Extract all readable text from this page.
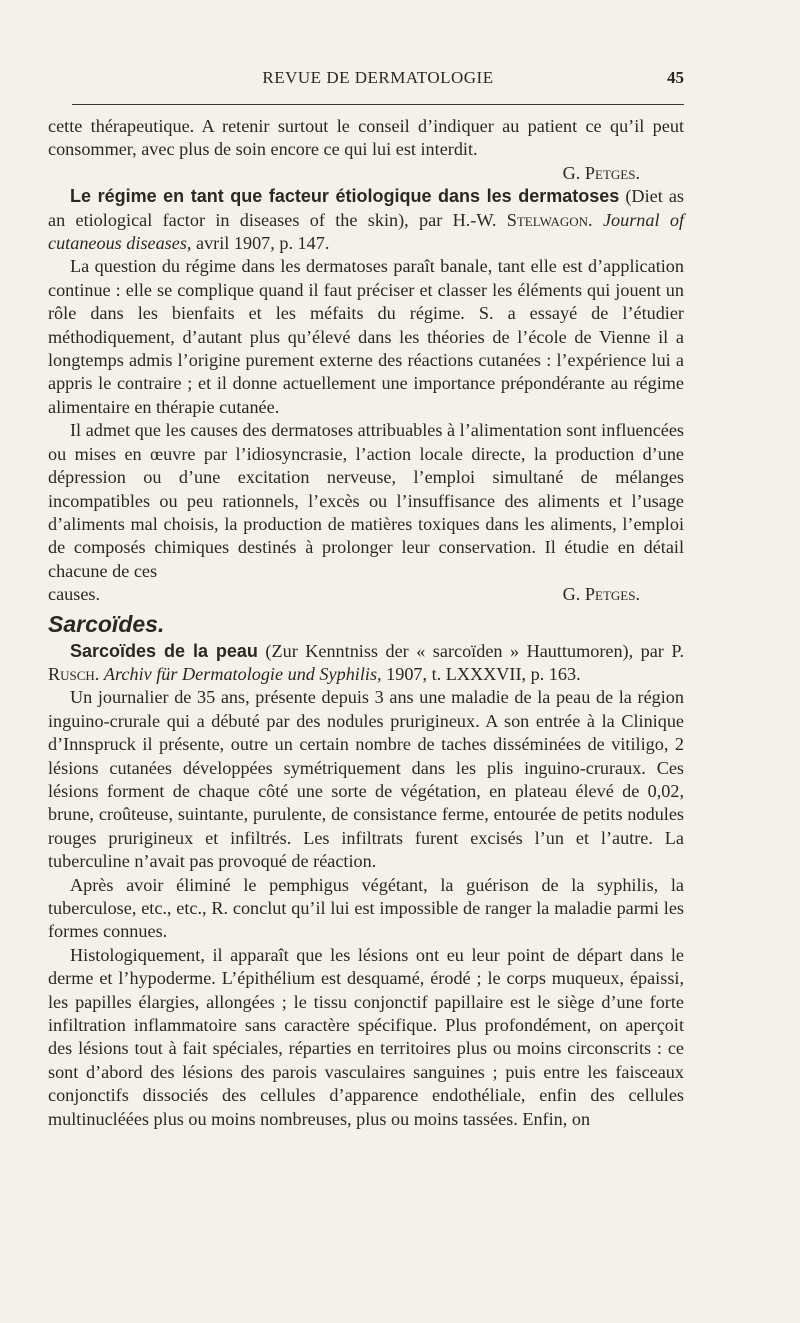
REVUE DE DERMATOLOGIE	45

cette thérapeutique. A retenir surtout le conseil d’indiquer au patient ce qu’il peut consommer, avec plus de soin encore ce qui lui est interdit.

G. Petges.

Le régime en tant que facteur étiologique dans les dermatoses (Diet as an etiological factor in diseases of the skin), par H.-W. Stelwagon. Journal of cutaneous diseases, avril 1907, p. 147.

La question du régime dans les dermatoses paraît banale, tant elle est d’application continue : elle se complique quand il faut préciser et classer les éléments qui jouent un rôle dans les bienfaits et les méfaits du régime. S. a essayé de l’étudier méthodiquement, d’autant plus qu’élevé dans les théories de l’école de Vienne il a longtemps admis l’origine purement externe des réactions cutanées : l’expérience lui a appris le contraire ; et il donne actuellement une importance prépondérante au régime alimentaire en thérapie cutanée.

Il admet que les causes des dermatoses attribuables à l’alimentation sont influencées ou mises en œuvre par l’idiosyncrasie, l’action locale directe, la production d’une dépression ou d’une excitation nerveuse, l’emploi simultané de mélanges incompatibles ou peu rationnels, l’excès ou l’insuffisance des aliments et l’usage d’aliments mal choisis, la production de matières toxiques dans les aliments, l’emploi de composés chimiques destinés à prolonger leur conservation. Il étudie en détail chacune de ces

causes.	G. Petges.

Sarcoïdes.

Sarcoïdes de la peau (Zur Kenntniss der « sarcoïden » Hauttumoren), par P. Rusch. Archiv für Dermatologie und Syphilis, 1907, t. LXXXVII, p. 163.

Un journalier de 35 ans, présente depuis 3 ans une maladie de la peau de la région inguino-crurale qui a débuté par des nodules prurigineux. A son entrée à la Clinique d’Innspruck il présente, outre un certain nombre de taches disséminées de vitiligo, 2 lésions cutanées développées symétriquement dans les plis inguino-cruraux. Ces lésions forment de chaque côté une sorte de végétation, en plateau élevé de 0,02, brune, croûteuse, suintante, purulente, de consistance ferme, entourée de petits nodules rouges prurigineux et infiltrés. Les infiltrats furent excisés l’un et l’autre. La tuberculine n’avait pas provoqué de réaction.

Après avoir éliminé le pemphigus végétant, la guérison de la syphilis, la tuberculose, etc., etc., R. conclut qu’il lui est impossible de ranger la maladie parmi les formes connues.

Histologiquement, il apparaît que les lésions ont eu leur point de départ dans le derme et l’hypoderme. L’épithélium est desquamé, érodé ; le corps muqueux, épaissi, les papilles élargies, allongées ; le tissu conjonctif papillaire est le siège d’une forte infiltration inflammatoire sans caractère spécifique. Plus profondément, on aperçoit des lésions tout à fait spéciales, réparties en territoires plus ou moins circonscrits : ce sont d’abord des lésions des parois vasculaires sanguines ; puis entre les faisceaux conjonctifs dissociés des cellules d’apparence endothéliale, enfin des cellules multinucléées plus ou moins nombreuses, plus ou moins tassées. Enfin, on
